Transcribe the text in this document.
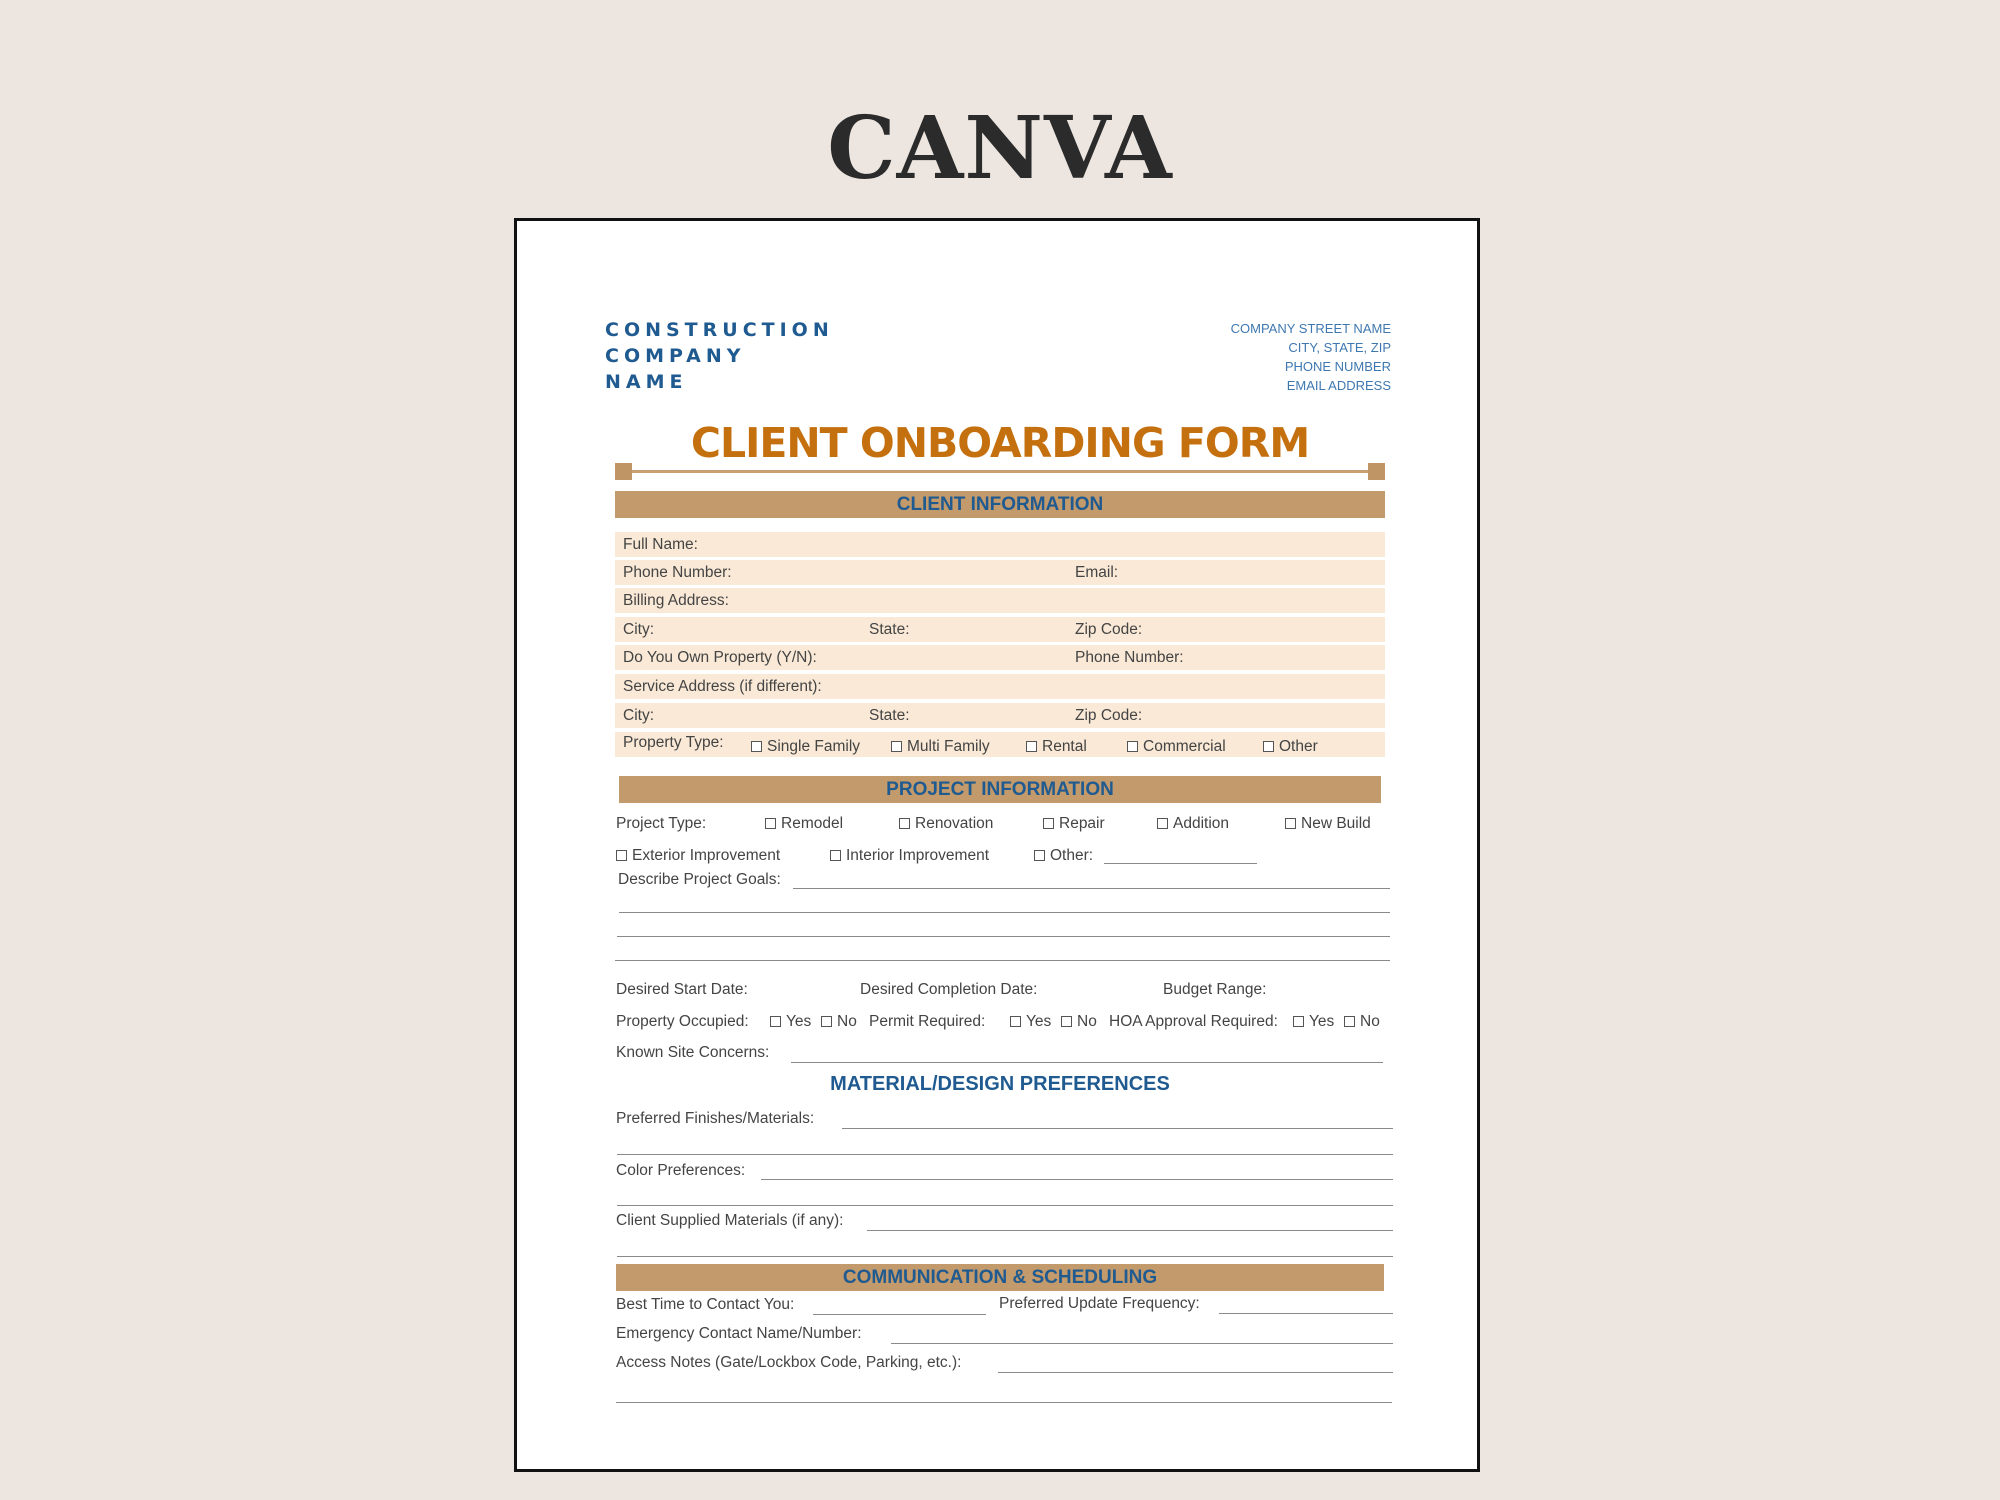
CANVA
CONSTRUCTION
COMPANY
NAME
COMPANY STREET NAME
CITY, STATE, ZIP
PHONE NUMBER
EMAIL ADDRESS
CLIENT ONBOARDING FORM
CLIENT INFORMATION
Full Name:
Phone Number:	Email:
Billing Address:
City:	State:	Zip Code:
Do You Own Property (Y/N):	Phone Number:
Service Address (if different):
City:	State:	Zip Code:
Property Type:	Single Family	Multi Family	Rental	Commercial	Other
PROJECT INFORMATION
Project Type:	Remodel	Renovation	Repair	Addition	New Build
Exterior Improvement	Interior Improvement	Other:
Describe Project Goals:
Desired Start Date:	Desired Completion Date:	Budget Range:
Property Occupied:	Yes	No Permit Required:	Yes	No HOA Approval Required:	Yes	No
Known Site Concerns:
MATERIAL/DESIGN PREFERENCES
Preferred Finishes/Materials:
Color Preferences:
Client Supplied Materials (if any):
COMMUNICATION & SCHEDULING
Best Time to Contact You:	Preferred Update Frequency:
Emergency Contact Name/Number:
Access Notes (Gate/Lockbox Code, Parking, etc.):
